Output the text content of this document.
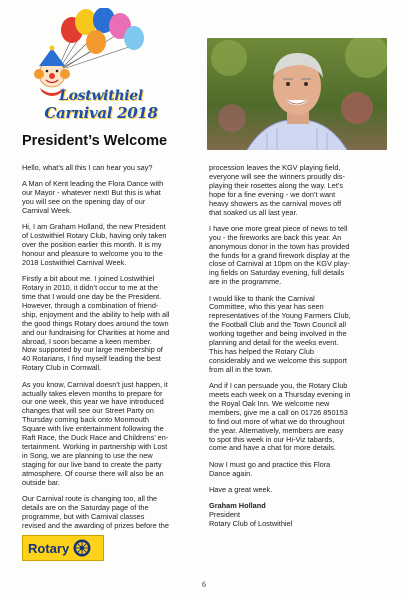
Lostwithiel
Carnival 2018
President’s Welcome

Hello, what’s all this I can hear you say?

A Man of Kent leading the Flora Dance with
our Mayor - whatever next! But this is what
you will see on the opening day of our
Carnival Week.

Hi, I am Graham Holland, the new President
of Lostwithiel Rotary Club, having only taken
over the position earlier this month. It is my
honour and pleasure to welcome you to the
2018 Lostwithiel Carnival Week.

Firstly a bit about me. I joined Lostwithiel
Rotary in 2010, it didn’t occur to me at the
time that I would one day be the President.
However, through a combination of friend-
ship, enjoyment and the ability to help with all
the good things Rotary does around the town
and our fundraising for Charities at home and
abroad, I soon became a keen member.
Now supported by our large membership of
40 Rotarians, I find myself leading the best
Rotary Club in Cornwall.

As you know, Carnival doesn’t just happen, it
actually takes eleven months to prepare for
our one week, this year we have introduced
changes that will see our Street Party on
Thursday coming back onto Monmouth
Square with live entertainment following the
Raft Race, the Duck Race and Childrens’ en-
tertainment. Working in partnership with Lost
in Song, we are planning to use the new
staging for our live band to create the party
atmosphere. Of course there will also be an
outside bar.

Our Carnival route is changing too, all the
details are on the Saturday page of the
programme, but with Carnival classes
revised and the awarding of prizes before the

procession leaves the KGV playing field,
everyone will see the winners proudly dis-
playing their rosettes along the way. Let’s
hope for a fine evening - we don’t want
heavy showers as the carnival moves off
that soaked us all last year.

I have one more great piece of news to tell
you - the fireworks are back this year. An
anonymous donor in the town has provided
the funds for a grand firework display at the
close of Carnival at 10pm on the KGV play-
ing fields on Saturday evening, full details
are in the programme.

I would like to thank the Carnival
Committee, who this year has seen
representatives of the Young Farmers Club,
the Football Club and the Town Council all
working together and being involved in the
planning and detail for the weeks event.
This has helped the Rotary Club
considerably and we welcome this support
from all in the town.

And if I can persuade you, the Rotary Club
meets each week on a Thursday evening in
the Royal Oak Inn. We welcome new
members, give me a call on 01726 850153
to find out more of what we do throughout
the year. Alternatively, members are easy
to spot this week in our Hi-Viz tabards,
come and have a chat for more details.

Now I must go and practice this Flora
Dance again.

Have a great week.

Graham Holland
President
Rotary Club of Lostwithiel
Rotary
6
